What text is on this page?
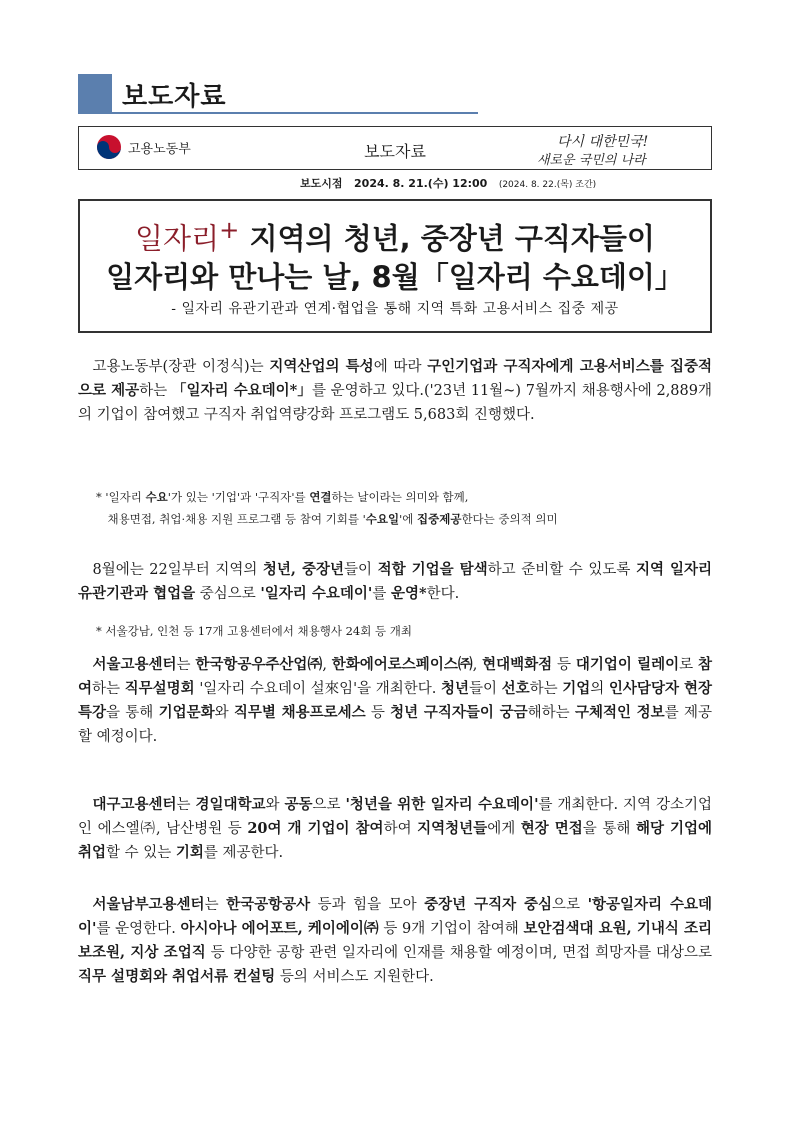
보도자료
고용노동부	보도자료	다시 대한민국!
새로운 국민의 나라
보도시점 2024. 8. 21.(수) 12:00 (2024. 8. 22.(목) 조간)
일자리+ 지역의 청년, 중장년 구직자들이
일자리와 만나는 날, 8월「일자리 수요데이」
- 일자리 유관기관과 연계·협업을 통해 지역 특화 고용서비스 집중 제공

 고용노동부(장관 이정식)는 지역산업의 특성에 따라 구인기업과 구직자에게 고용서비스를 집중적으로 제공하는 「일자리 수요데이*」를 운영하고 있다.('23년 11월~) 7월까지 채용행사에 2,889개의 기업이 참여했고 구직자 취업역량강화 프로그램도 5,683회 진행했다.

* '일자리 수요'가 있는 '기업'과 '구직자'를 연결하는 날이라는 의미와 함께,
 채용면접, 취업·채용 지원 프로그램 등 참여 기회를 '수요일'에 집중제공한다는 중의적 의미

 8월에는 22일부터 지역의 청년, 중장년들이 적합 기업을 탐색하고 준비할 수 있도록 지역 일자리 유관기관과 협업을 중심으로 '일자리 수요데이'를 운영*한다.

* 서울강남, 인천 등 17개 고용센터에서 채용행사 24회 등 개최

 서울고용센터는 한국항공우주산업㈜, 한화에어로스페이스㈜, 현대백화점 등 대기업이 릴레이로 참여하는 직무설명회 '일자리 수요데이 설來임'을 개최한다. 청년들이 선호하는 기업의 인사담당자 현장 특강을 통해 기업문화와 직무별 채용프로세스 등 청년 구직자들이 궁금해하는 구체적인 정보를 제공할 예정이다.

 대구고용센터는 경일대학교와 공동으로 '청년을 위한 일자리 수요데이'를 개최한다. 지역 강소기업인 에스엘㈜, 남산병원 등 20여 개 기업이 참여하여 지역청년들에게 현장 면접을 통해 해당 기업에 취업할 수 있는 기회를 제공한다.

 서울남부고용센터는 한국공항공사 등과 힘을 모아 중장년 구직자 중심으로 '항공일자리 수요데이'를 운영한다. 아시아나 에어포트, 케이에이㈜ 등 9개 기업이 참여해 보안검색대 요원, 기내식 조리보조원, 지상 조업직 등 다양한 공항 관련 일자리에 인재를 채용할 예정이며, 면접 희망자를 대상으로 직무 설명회와 취업서류 컨설팅 등의 서비스도 지원한다.
